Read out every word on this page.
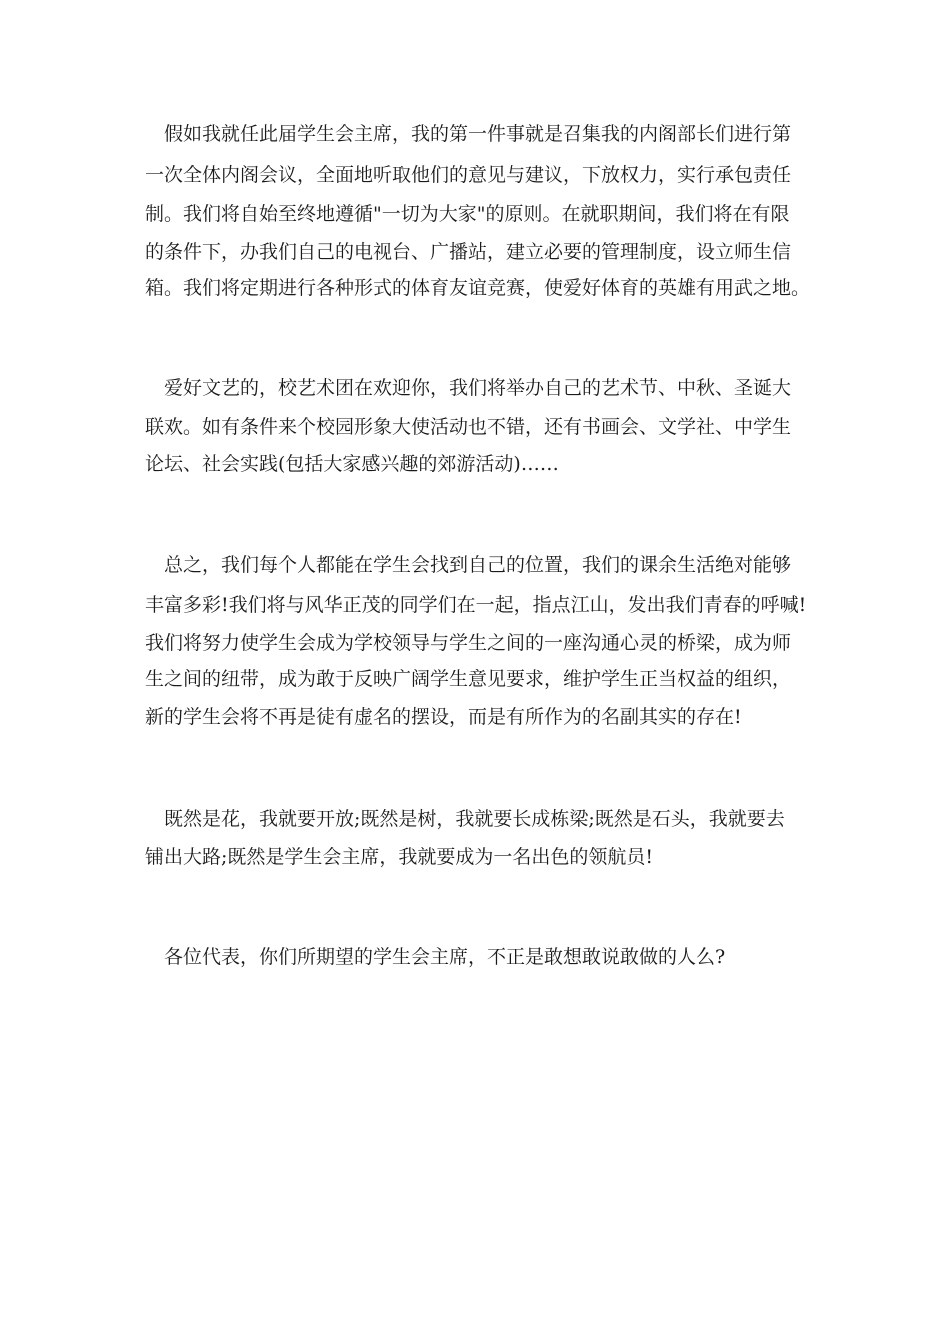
假如我就任此届学生会主席，我的第一件事就是召集我的内阁部长们进行第
一次全体内阁会议，全面地听取他们的意见与建议，下放权力，实行承包责任
制。我们将自始至终地遵循"一切为大家"的原则。在就职期间，我们将在有限
的条件下，办我们自己的电视台、广播站，建立必要的管理制度，设立师生信
箱。我们将定期进行各种形式的体育友谊竞赛，使爱好体育的英雄有用武之地。
爱好文艺的，校艺术团在欢迎你，我们将举办自己的艺术节、中秋、圣诞大
联欢。如有条件来个校园形象大使活动也不错，还有书画会、文学社、中学生
论坛、社会实践(包括大家感兴趣的郊游活动)……
总之，我们每个人都能在学生会找到自己的位置，我们的课余生活绝对能够
丰富多彩!我们将与风华正茂的同学们在一起，指点江山，发出我们青春的呼喊!
我们将努力使学生会成为学校领导与学生之间的一座沟通心灵的桥梁，成为师
生之间的纽带，成为敢于反映广阔学生意见要求，维护学生正当权益的组织，
新的学生会将不再是徒有虚名的摆设，而是有所作为的名副其实的存在!
既然是花，我就要开放;既然是树，我就要长成栋梁;既然是石头，我就要去
铺出大路;既然是学生会主席，我就要成为一名出色的领航员!
各位代表，你们所期望的学生会主席，不正是敢想敢说敢做的人么?
